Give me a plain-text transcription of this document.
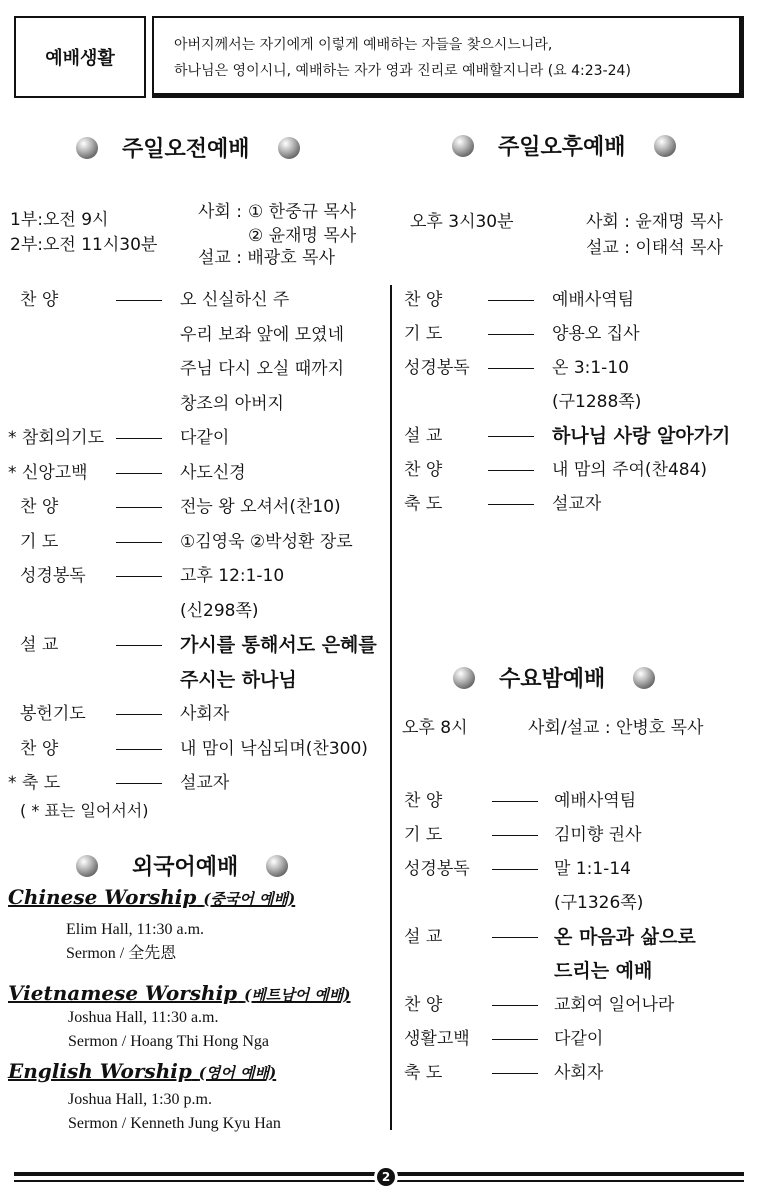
예배생활
아버지께서는 자기에게 이렇게 예배하는 자들을 찾으시느니라,
하나님은 영이시니, 예배하는 자가 영과 진리로 예배할지니라 (요 4:23-24)
주일오전예배	주일오후예배
1부:오전 9시
2부:오전 11시30분
사회 : ① 한중규 목사
② 윤재명 목사
설교 : 배광호 목사
오후 3시30분	사회 : 윤재명 목사
설교 : 이태석 목사
찬 양	오 신실하신 주
우리 보좌 앞에 모였네
주님 다시 오실 때까지
창조의 아버지
* 참회의기도	다같이
* 신앙고백	사도신경
찬 양	전능 왕 오셔서(찬10)
기 도	①김영욱 ②박성환 장로
성경봉독	고후 12:1-10
(신298쪽)
설 교	가시를 통해서도 은혜를
주시는 하나님
봉헌기도	사회자
찬 양	내 맘이 낙심되며(찬300)
* 축 도	설교자
( * 표는 일어서서)
찬 양	예배사역팀
기 도	양용오 집사
성경봉독	온 3:1-10
(구1288쪽)
설 교	하나님 사랑 알아가기
찬 양	내 맘의 주여(찬484)
축 도	설교자
수요밤예배
오후 8시	사회/설교 : 안병호 목사
찬 양	예배사역팀
기 도	김미향 권사
성경봉독	말 1:1-14
(구1326쪽)
설 교	온 마음과 삶으로
드리는 예배
찬 양	교회여 일어나라
생활고백	다같이
축 도	사회자
외국어예배
Chinese Worship (중국어 예배)
Elim Hall, 11:30 a.m.
Sermon / 全先恩
Vietnamese Worship (베트남어 예배)
Joshua Hall, 11:30 a.m.
Sermon / Hoang Thi Hong Nga
English Worship (영어 예배)
Joshua Hall, 1:30 p.m.
Sermon / Kenneth Jung Kyu Han
2
